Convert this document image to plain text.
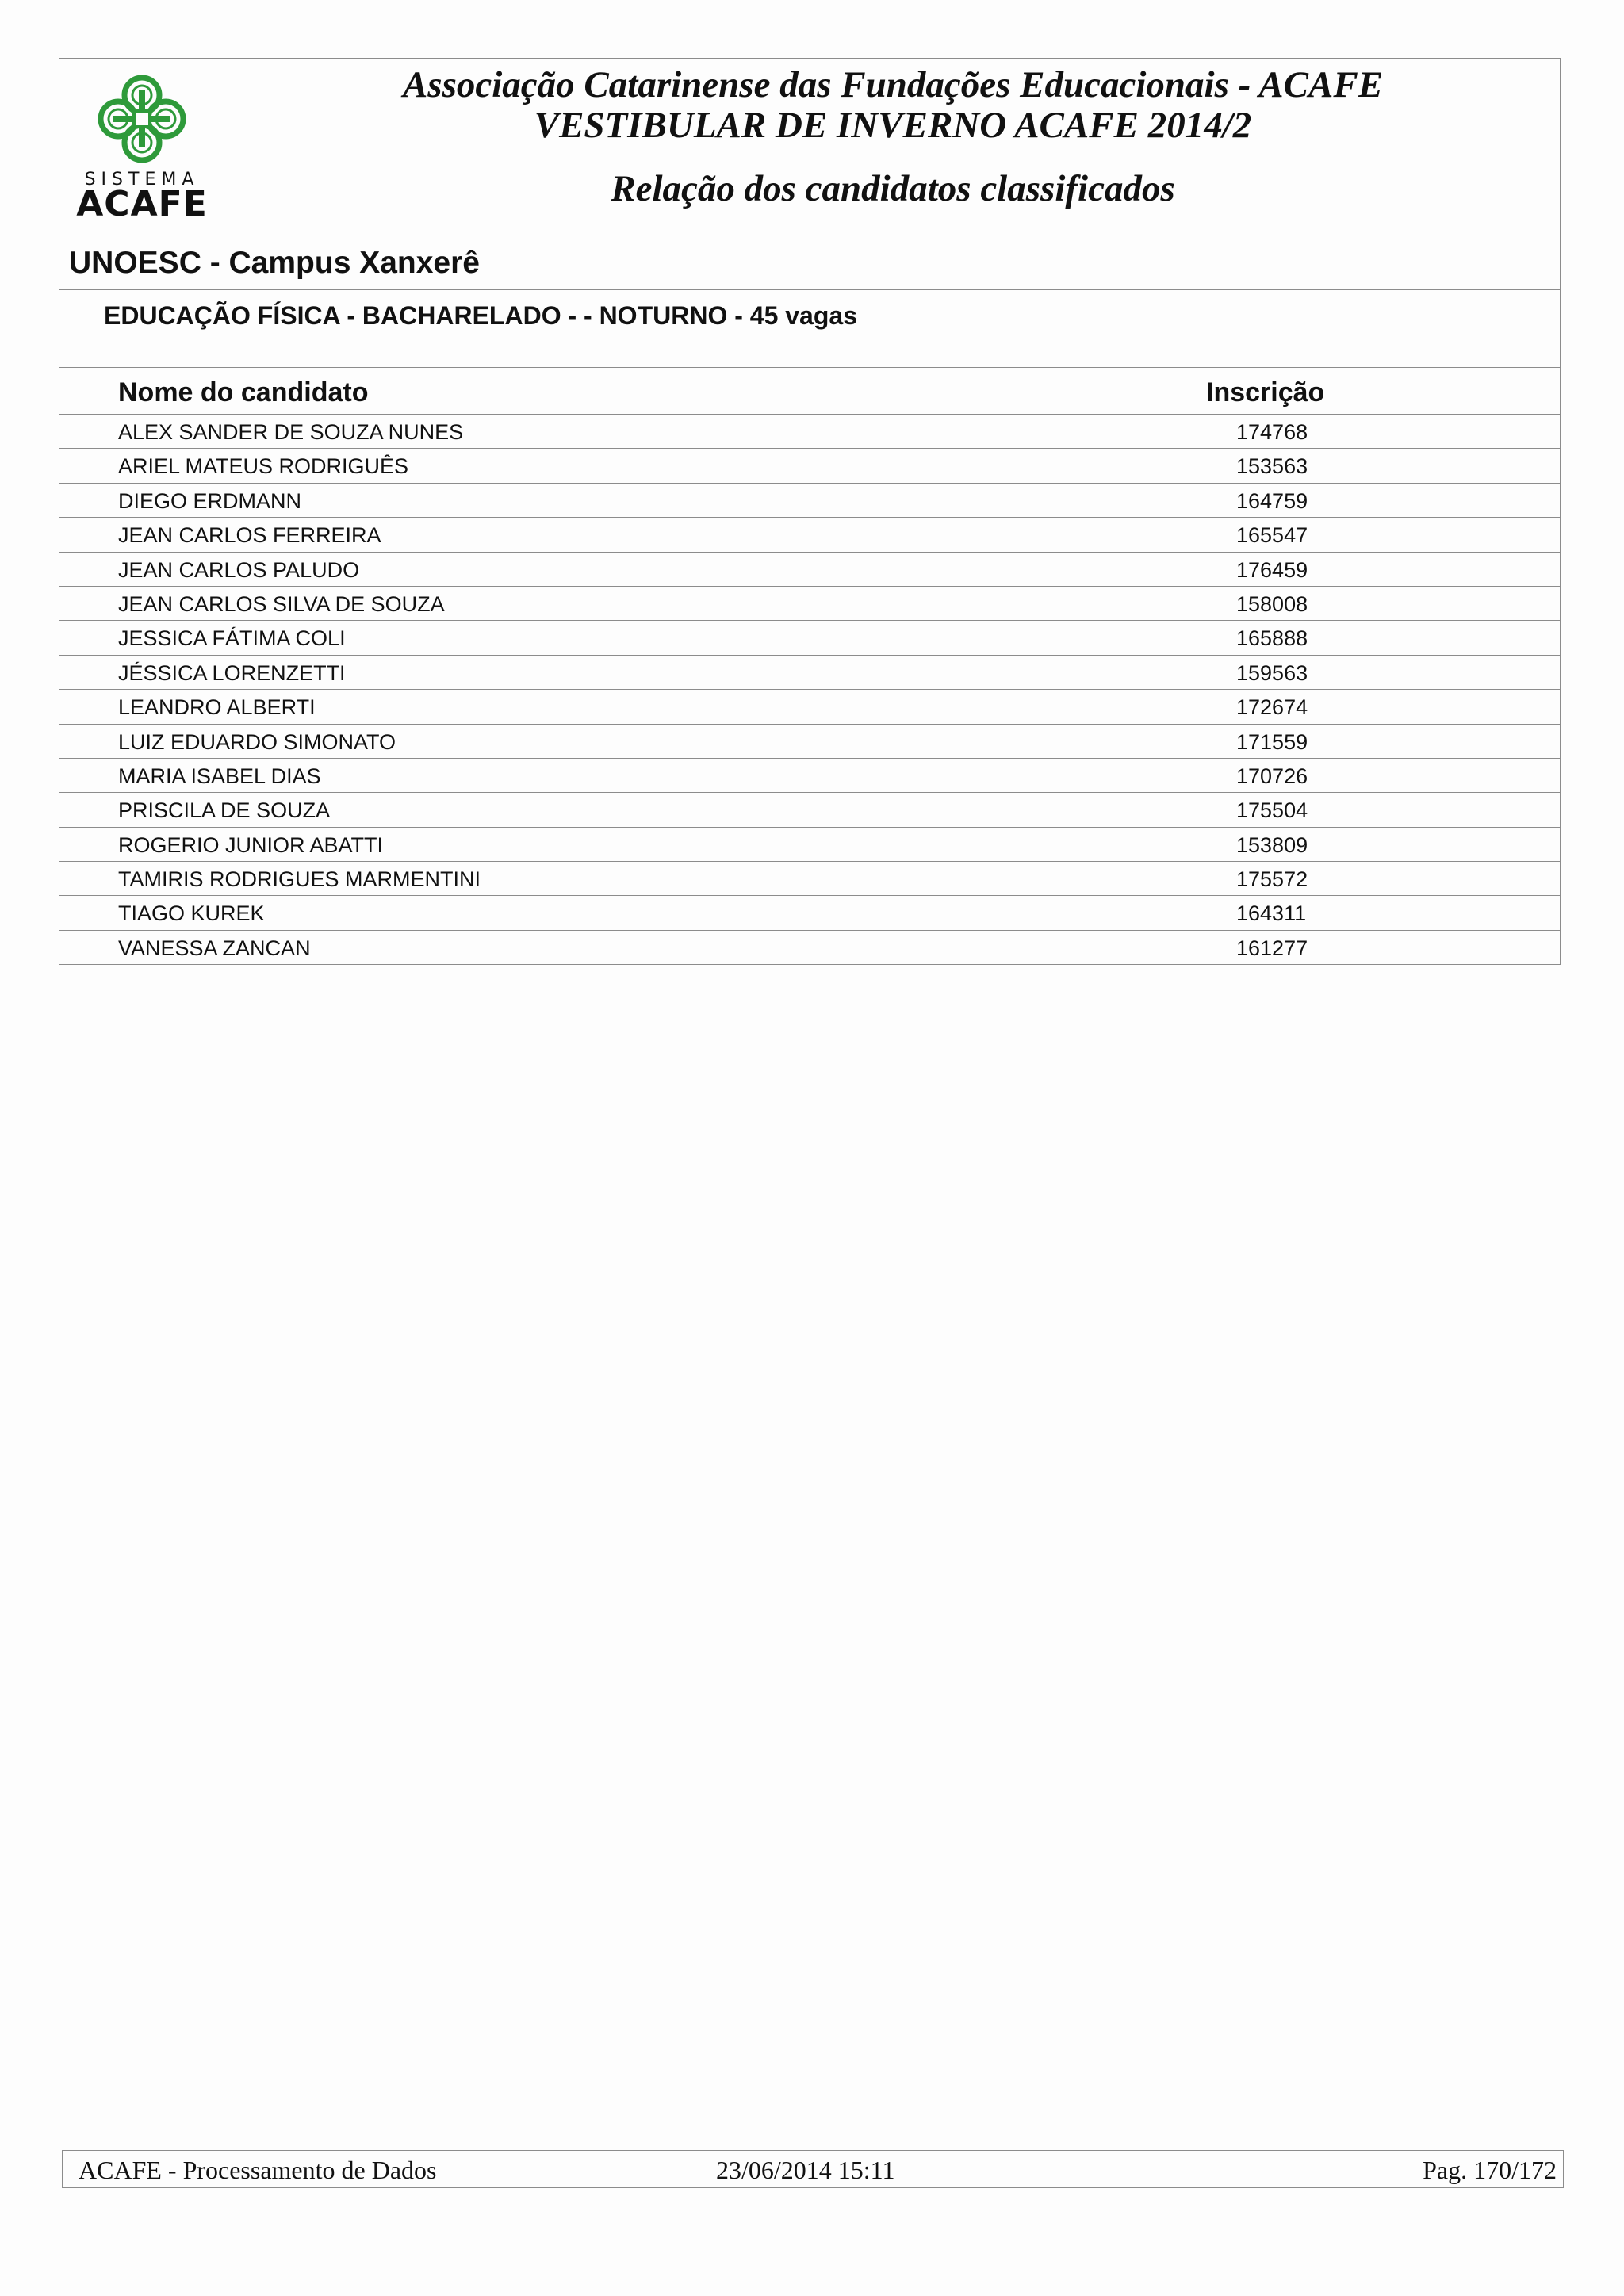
SISTEMA
ACAFE
Associação Catarinense das Fundações Educacionais - ACAFE
VESTIBULAR DE INVERNO ACAFE 2014/2
Relação dos candidatos classificados
UNOESC - Campus Xanxerê
EDUCAÇÃO FÍSICA - BACHARELADO - - NOTURNO - 45 vagas
Nome do candidato	Inscrição
ALEX SANDER DE SOUZA NUNES	174768
ARIEL MATEUS RODRIGUÊS	153563
DIEGO ERDMANN	164759
JEAN CARLOS FERREIRA	165547
JEAN CARLOS PALUDO	176459
JEAN CARLOS SILVA DE SOUZA	158008
JESSICA FÁTIMA COLI	165888
JÉSSICA LORENZETTI	159563
LEANDRO ALBERTI	172674
LUIZ EDUARDO SIMONATO	171559
MARIA ISABEL DIAS	170726
PRISCILA DE SOUZA	175504
ROGERIO JUNIOR ABATTI	153809
TAMIRIS RODRIGUES MARMENTINI	175572
TIAGO KUREK	164311
VANESSA ZANCAN	161277
ACAFE - Processamento de Dados	23/06/2014 15:11	Pag. 170/172
